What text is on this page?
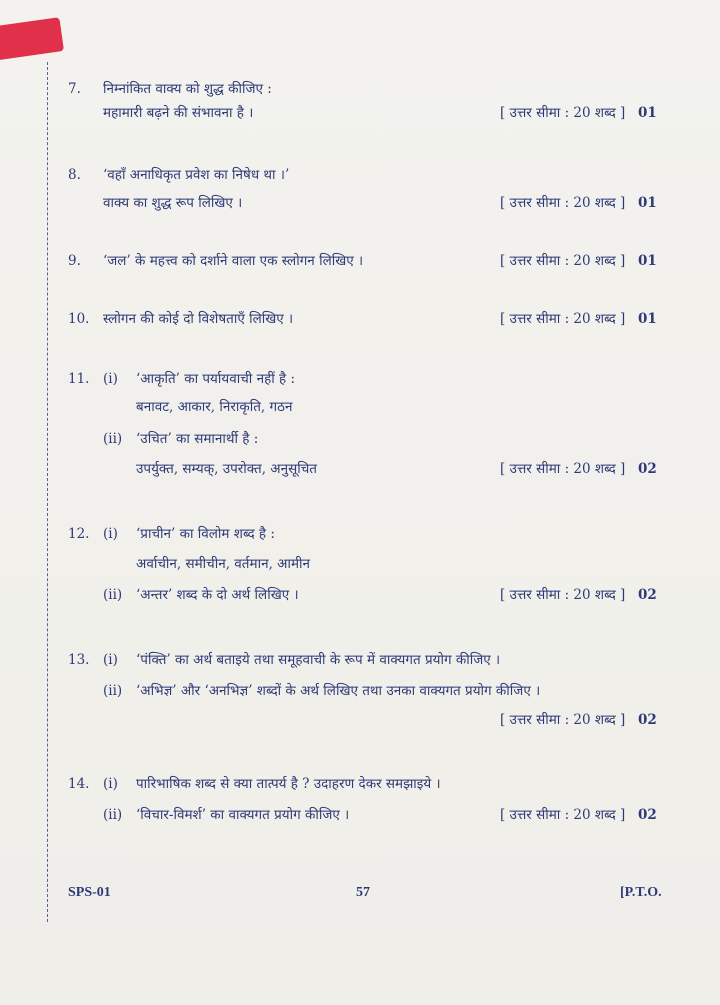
7. निम्नांकित वाक्य को शुद्ध कीजिए :
महामारी बढ़ने की संभावना है ।	[ उत्तर सीमा : 20 शब्द ] 01
8. ‘वहाँ अनाधिकृत प्रवेश का निषेध था ।’
वाक्य का शुद्ध रूप लिखिए ।	[ उत्तर सीमा : 20 शब्द ] 01
9. ‘जल’ के महत्त्व को दर्शाने वाला एक स्लोगन लिखिए ।	[ उत्तर सीमा : 20 शब्द ] 01
10. स्लोगन की कोई दो विशेषताएँ लिखिए ।	[ उत्तर सीमा : 20 शब्द ] 01
11. (i) ‘आकृति’ का पर्यायवाची नहीं है :
बनावट, आकार, निराकृति, गठन
(ii) ‘उचित’ का समानार्थी है :
उपर्युक्त, सम्यक्, उपरोक्त, अनुसूचित	[ उत्तर सीमा : 20 शब्द ] 02
12. (i) ‘प्राचीन’ का विलोम शब्द है :
अर्वाचीन, समीचीन, वर्तमान, आमीन
(ii) ‘अन्तर’ शब्द के दो अर्थ लिखिए ।	[ उत्तर सीमा : 20 शब्द ] 02
13. (i) ‘पंक्ति’ का अर्थ बताइये तथा समूहवाची के रूप में वाक्यगत प्रयोग कीजिए ।
(ii) ‘अभिज्ञ’ और ‘अनभिज्ञ’ शब्दों के अर्थ लिखिए तथा उनका वाक्यगत प्रयोग कीजिए ।
[ उत्तर सीमा : 20 शब्द ] 02
14. (i) पारिभाषिक शब्द से क्या तात्पर्य है ? उदाहरण देकर समझाइये ।
(ii) ‘विचार-विमर्श’ का वाक्यगत प्रयोग कीजिए ।	[ उत्तर सीमा : 20 शब्द ] 02
SPS-01	57	[P.T.O.
